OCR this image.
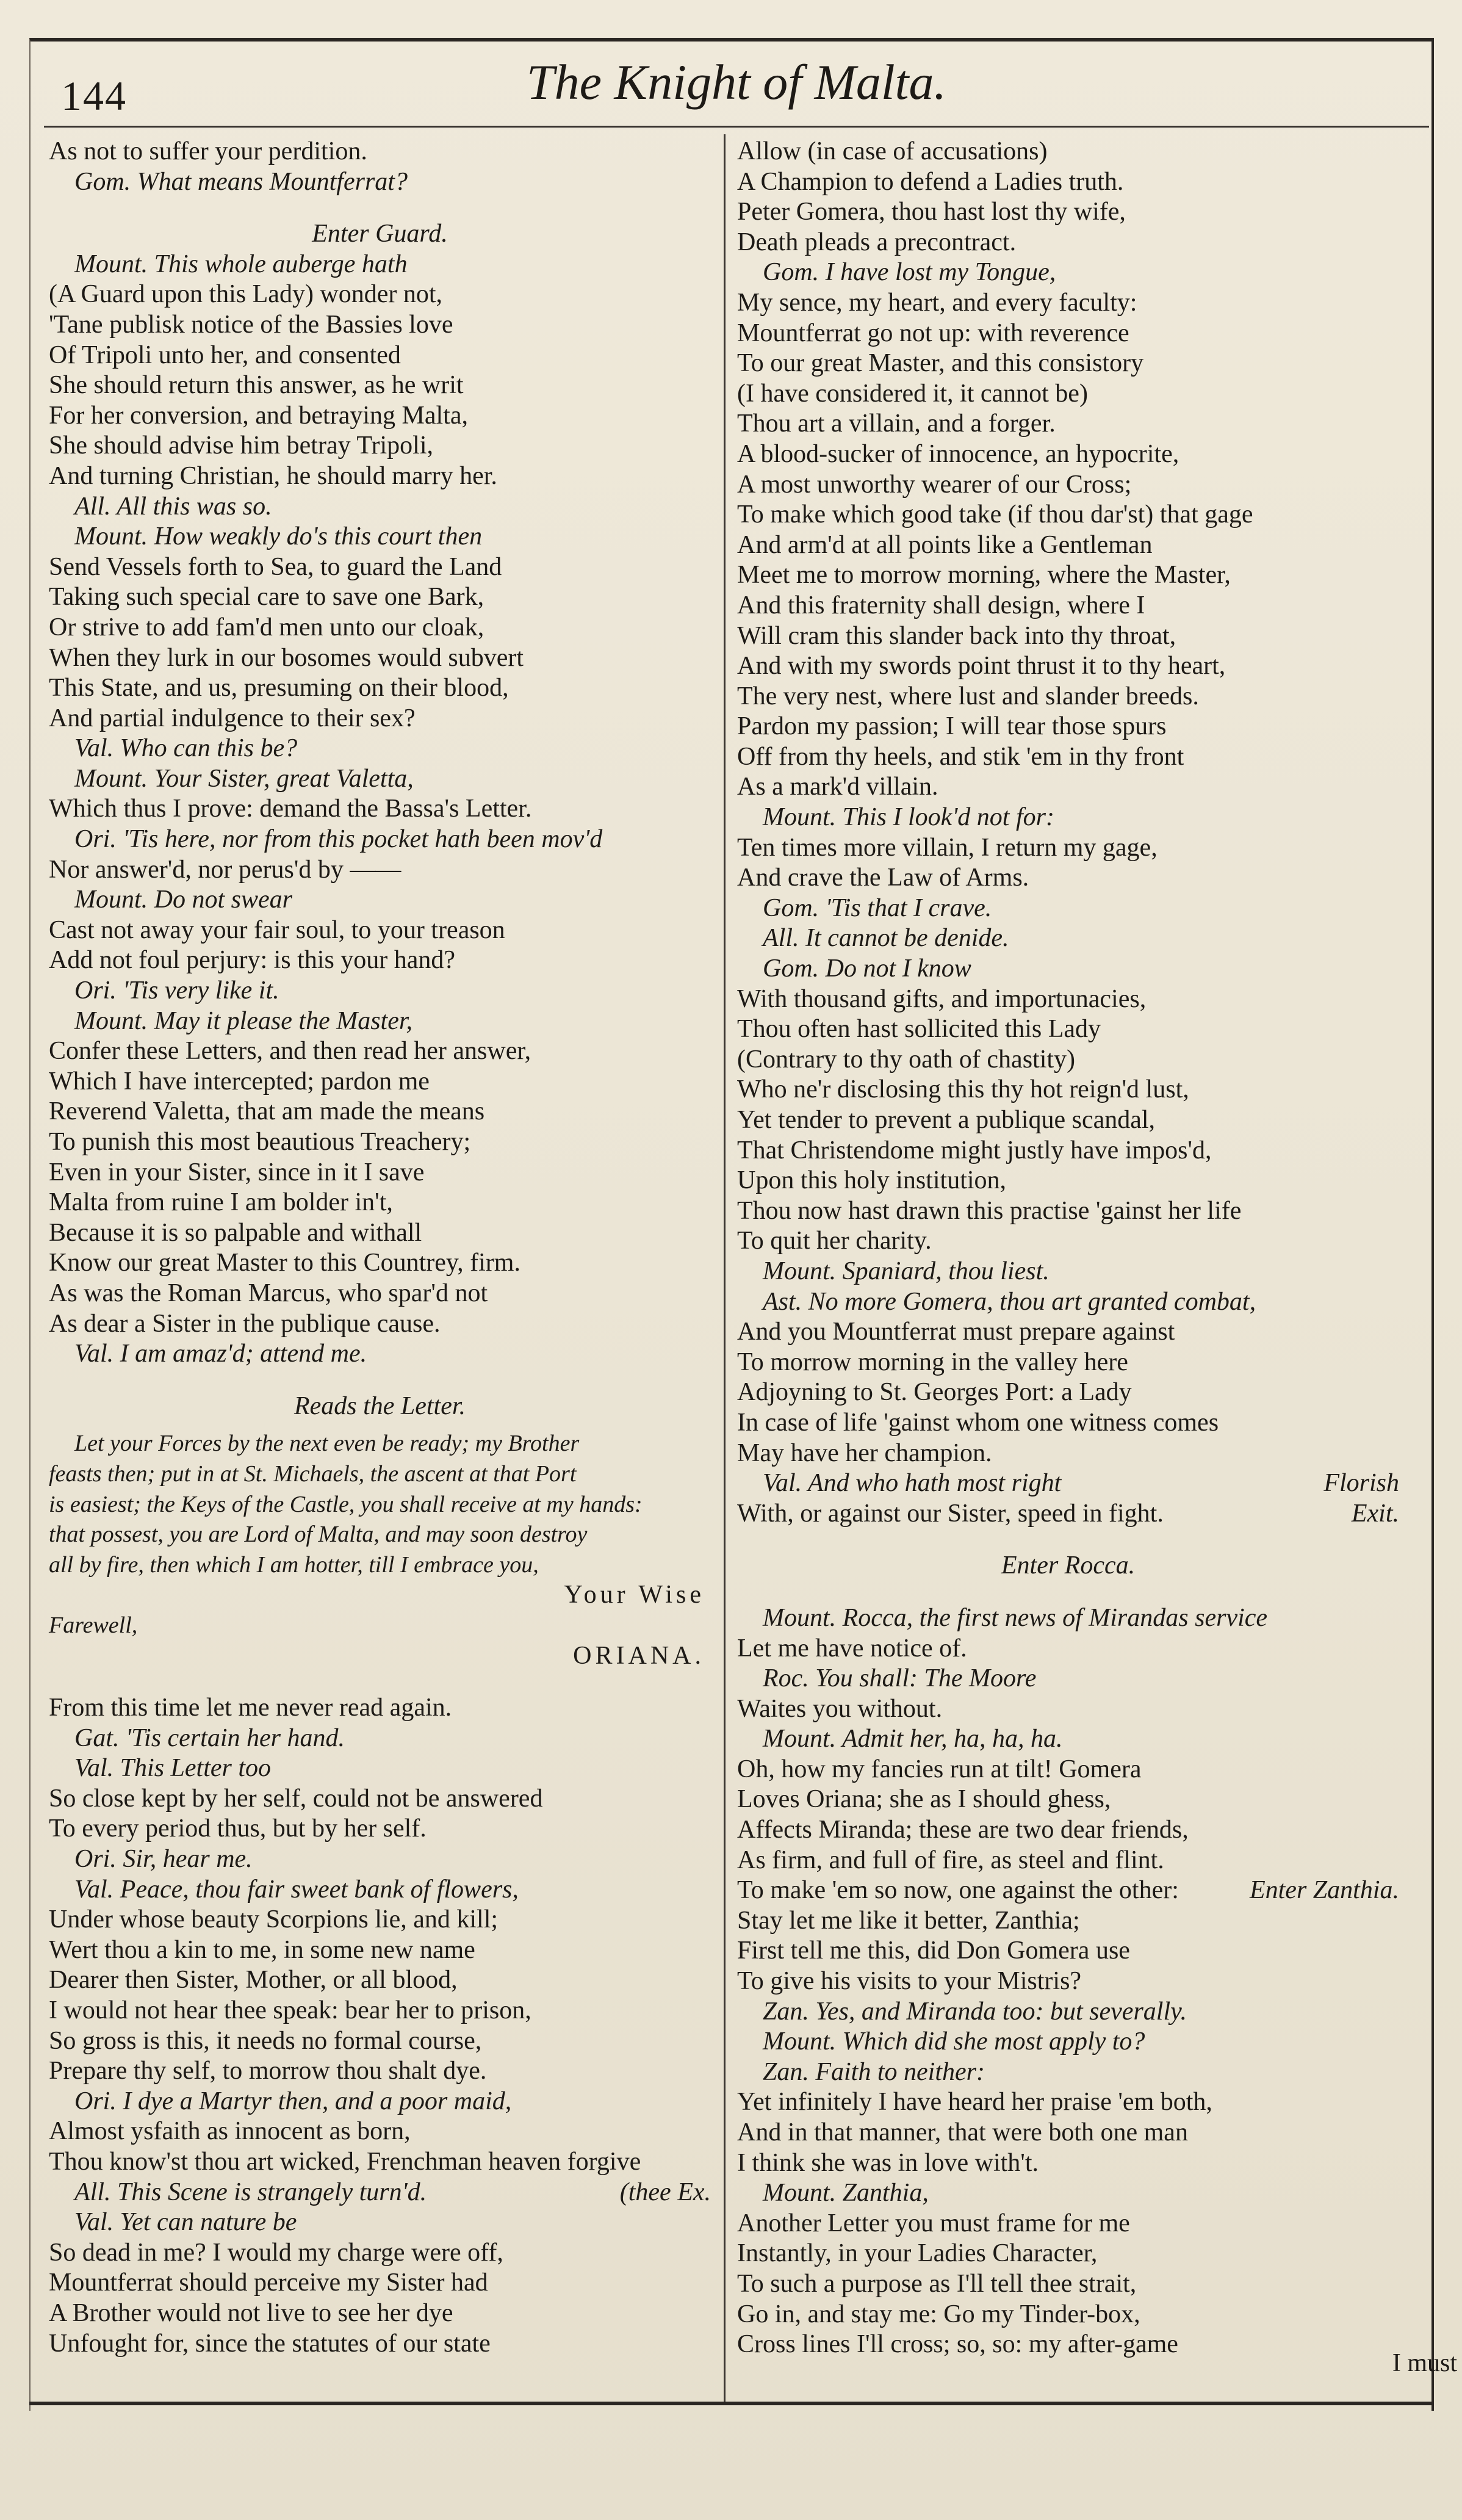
144	The Knight of Malta.
As not to suffer your perdition.
Gom. What means Mountferrat?
Enter Guard.
Mount. This whole auberge hath
(A Guard upon this Lady) wonder not,
'Tane publisk notice of the Bassies love
Of Tripoli unto her, and consented
She should return this answer, as he writ
For her conversion, and betraying Malta,
She should advise him betray Tripoli,
And turning Christian, he should marry her.
All. All this was so.
Mount. How weakly do's this court then
Send Vessels forth to Sea, to guard the Land
Taking such special care to save one Bark,
Or strive to add fam'd men unto our cloak,
When they lurk in our bosomes would subvert
This State, and us, presuming on their blood,
And partial indulgence to their sex?
Val. Who can this be?
Mount. Your Sister, great Valetta,
Which thus I prove: demand the Bassa's Letter.
Ori. 'Tis here, nor from this pocket hath been mov'd
Nor answer'd, nor perus'd by ——
Mount. Do not swear
Cast not away your fair soul, to your treason
Add not foul perjury: is this your hand?
Ori. 'Tis very like it.
Mount. May it please the Master,
Confer these Letters, and then read her answer,
Which I have intercepted; pardon me
Reverend Valetta, that am made the means
To punish this most beautious Treachery;
Even in your Sister, since in it I save
Malta from ruine I am bolder in't,
Because it is so palpable and withall
Know our great Master to this Countrey, firm.
As was the Roman Marcus, who spar'd not
As dear a Sister in the publique cause.
Val. I am amaz'd; attend me.
Reads the Letter.
Let your Forces by the next even be ready; my Brother
feasts then; put in at St. Michaels, the ascent at that Port
is easiest; the Keys of the Castle, you shall receive at my hands:
that possest, you are Lord of Malta, and may soon destroy
all by fire, then which I am hotter, till I embrace you,
Your Wise
Farewell,
ORIANA.
From this time let me never read again.
Gat. 'Tis certain her hand.
Val. This Letter too
So close kept by her self, could not be answered
To every period thus, but by her self.
Ori. Sir, hear me.
Val. Peace, thou fair sweet bank of flowers,
Under whose beauty Scorpions lie, and kill;
Wert thou a kin to me, in some new name
Dearer then Sister, Mother, or all blood,
I would not hear thee speak: bear her to prison,
So gross is this, it needs no formal course,
Prepare thy self, to morrow thou shalt dye.
Ori. I dye a Martyr then, and a poor maid,
Almost ysfaith as innocent as born,
Thou know'st thou art wicked, Frenchman heaven forgive
All. This Scene is strangely turn'd.	(thee Ex.
Val. Yet can nature be
So dead in me? I would my charge were off,
Mountferrat should perceive my Sister had
A Brother would not live to see her dye
Unfought for, since the statutes of our state
Allow (in case of accusations)
A Champion to defend a Ladies truth.
Peter Gomera, thou hast lost thy wife,
Death pleads a precontract.
Gom. I have lost my Tongue,
My sence, my heart, and every faculty:
Mountferrat go not up: with reverence
To our great Master, and this consistory
(I have considered it, it cannot be)
Thou art a villain, and a forger.
A blood-sucker of innocence, an hypocrite,
A most unworthy wearer of our Cross;
To make which good take (if thou dar'st) that gage
And arm'd at all points like a Gentleman
Meet me to morrow morning, where the Master,
And this fraternity shall design, where I
Will cram this slander back into thy throat,
And with my swords point thrust it to thy heart,
The very nest, where lust and slander breeds.
Pardon my passion; I will tear those spurs
Off from thy heels, and stik 'em in thy front
As a mark'd villain.
Mount. This I look'd not for:
Ten times more villain, I return my gage,
And crave the Law of Arms.
Gom. 'Tis that I crave.
All. It cannot be denide.
Gom. Do not I know
With thousand gifts, and importunacies,
Thou often hast sollicited this Lady
(Contrary to thy oath of chastity)
Who ne'r disclosing this thy hot reign'd lust,
Yet tender to prevent a publique scandal,
That Christendome might justly have impos'd,
Upon this holy institution,
Thou now hast drawn this practise 'gainst her life
To quit her charity.
Mount. Spaniard, thou liest.
Ast. No more Gomera, thou art granted combat,
And you Mountferrat must prepare against
To morrow morning in the valley here
Adjoyning to St. Georges Port: a Lady
In case of life 'gainst whom one witness comes
May have her champion.
Val. And who hath most right	Florish
With, or against our Sister, speed in fight.	Exit.
Enter Rocca.
Mount. Rocca, the first news of Mirandas service
Let me have notice of.
Roc. You shall: The Moore
Waites you without.
Mount. Admit her, ha, ha, ha.
Oh, how my fancies run at tilt! Gomera
Loves Oriana; she as I should ghess,
Affects Miranda; these are two dear friends,
As firm, and full of fire, as steel and flint.
To make 'em so now, one against the other:	Enter Zanthia.
Stay let me like it better, Zanthia;
First tell me this, did Don Gomera use
To give his visits to your Mistris?
Zan. Yes, and Miranda too: but severally.
Mount. Which did she most apply to?
Zan. Faith to neither:
Yet infinitely I have heard her praise 'em both,
And in that manner, that were both one man
I think she was in love with't.
Mount. Zanthia,
Another Letter you must frame for me
Instantly, in your Ladies Character,
To such a purpose as I'll tell thee strait,
Go in, and stay me: Go my Tinder-box,
Cross lines I'll cross; so, so: my after-game
I must
